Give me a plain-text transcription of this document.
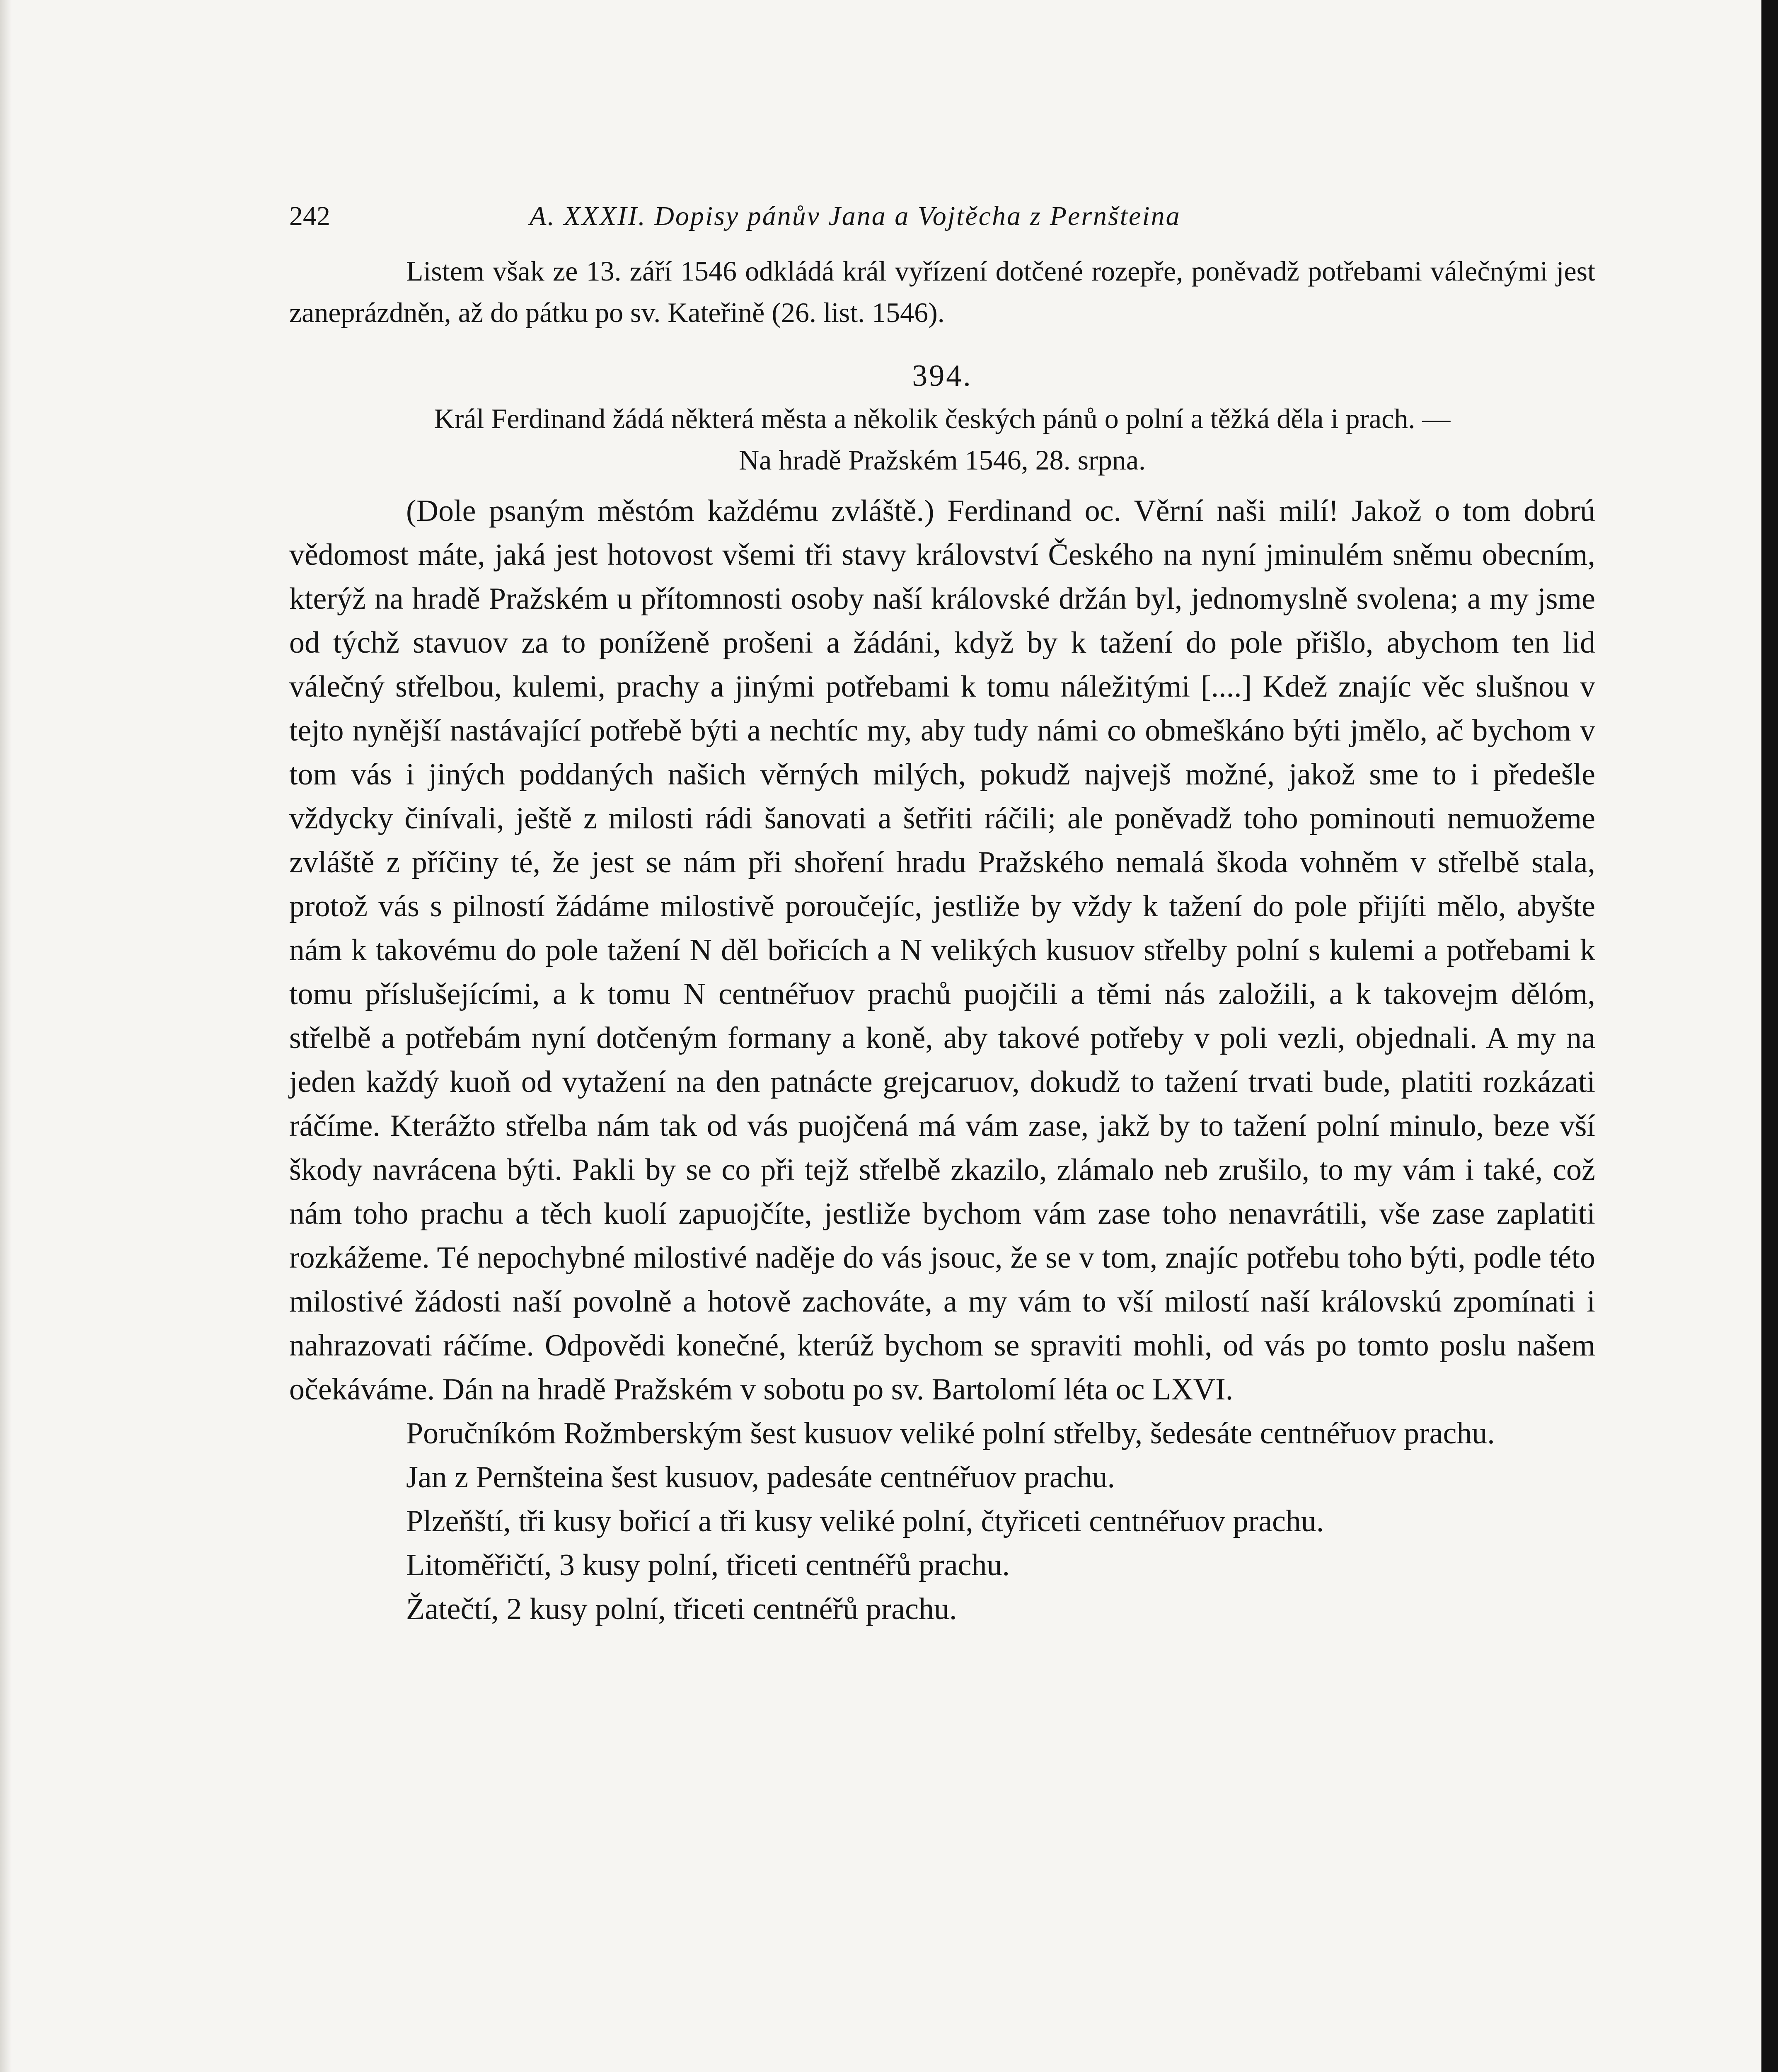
242	A. XXXII. Dopisy pánův Jana a Vojtěcha z Pernšteina

Listem však ze 13. září 1546 odkládá král vyřízení dotčené rozepře, poněvadž potřebami válečnými jest zaneprázdněn, až do pátku po sv. Kateřině (26. list. 1546).

394.

Král Ferdinand žádá některá města a několik českých pánů o polní a těžká děla i prach. —

Na hradě Pražském 1546, 28. srpna.

(Dole psaným městóm každému zvláště.) Ferdinand oc. Věrní naši milí! Jakož o tom dobrú vědomost máte, jaká jest hotovost všemi tři stavy království Českého na nyní jminulém sněmu obecním, kterýž na hradě Pražském u přítomnosti osoby naší královské držán byl, jednomyslně svolena; a my jsme od týchž stavuov za to poníženě prošeni a žádáni, když by k tažení do pole přišlo, abychom ten lid válečný střelbou, kulemi, prachy a jinými potřebami k tomu náležitými [....] Kdež znajíc věc slušnou v tejto nynější nastávající potřebě býti a nechtíc my, aby tudy námi co obmeškáno býti jmělo, ač bychom v tom vás i jiných poddaných našich věrných milých, pokudž najvejš možné, jakož sme to i předešle vždycky činívali, ještě z milosti rádi šanovati a šetřiti ráčili; ale poněvadž toho pominouti nemuožeme zvláště z příčiny té, že jest se nám při shoření hradu Pražského nemalá škoda vohněm v střelbě stala, protož vás s pilností žádáme milostivě poroučejíc, jestliže by vždy k tažení do pole přijíti mělo, abyšte nám k takovému do pole tažení N děl bořicích a N velikých kusuov střelby polní s kulemi a potřebami k tomu příslušejícími, a k tomu N centnéřuov prachů puojčili a těmi nás založili, a k takovejm dělóm, střelbě a potřebám nyní dotčeným formany a koně, aby takové potřeby v poli vezli, objednali. A my na jeden každý kuoň od vytažení na den patnácte grejcaruov, dokudž to tažení trvati bude, platiti rozkázati ráčíme. Kterážto střelba nám tak od vás puojčená má vám zase, jakž by to tažení polní minulo, beze vší škody navrácena býti. Pakli by se co při tejž střelbě zkazilo, zlámalo neb zrušilo, to my vám i také, což nám toho prachu a těch kuolí zapuojčíte, jestliže bychom vám zase toho nenavrátili, vše zase zaplatiti rozkážeme. Té nepochybné milostivé naděje do vás jsouc, že se v tom, znajíc potřebu toho býti, podle této milostivé žádosti naší povolně a hotově zachováte, a my vám to vší milostí naší královskú zpomínati i nahrazovati ráčíme. Odpovědi konečné, kterúž bychom se spraviti mohli, od vás po tomto poslu našem očekáváme. Dán na hradě Pražském v sobotu po sv. Bartolomí léta oc LXVI.

Poručníkóm Rožmberským šest kusuov veliké polní střelby, šedesáte centnéřuov prachu.

Jan z Pernšteina šest kusuov, padesáte centnéřuov prachu.

Plzeňští, tři kusy bořicí a tři kusy veliké polní, čtyřiceti centnéřuov prachu.

Litoměřičtí, 3 kusy polní, třiceti centnéřů prachu.

Žatečtí, 2 kusy polní, třiceti centnéřů prachu.
